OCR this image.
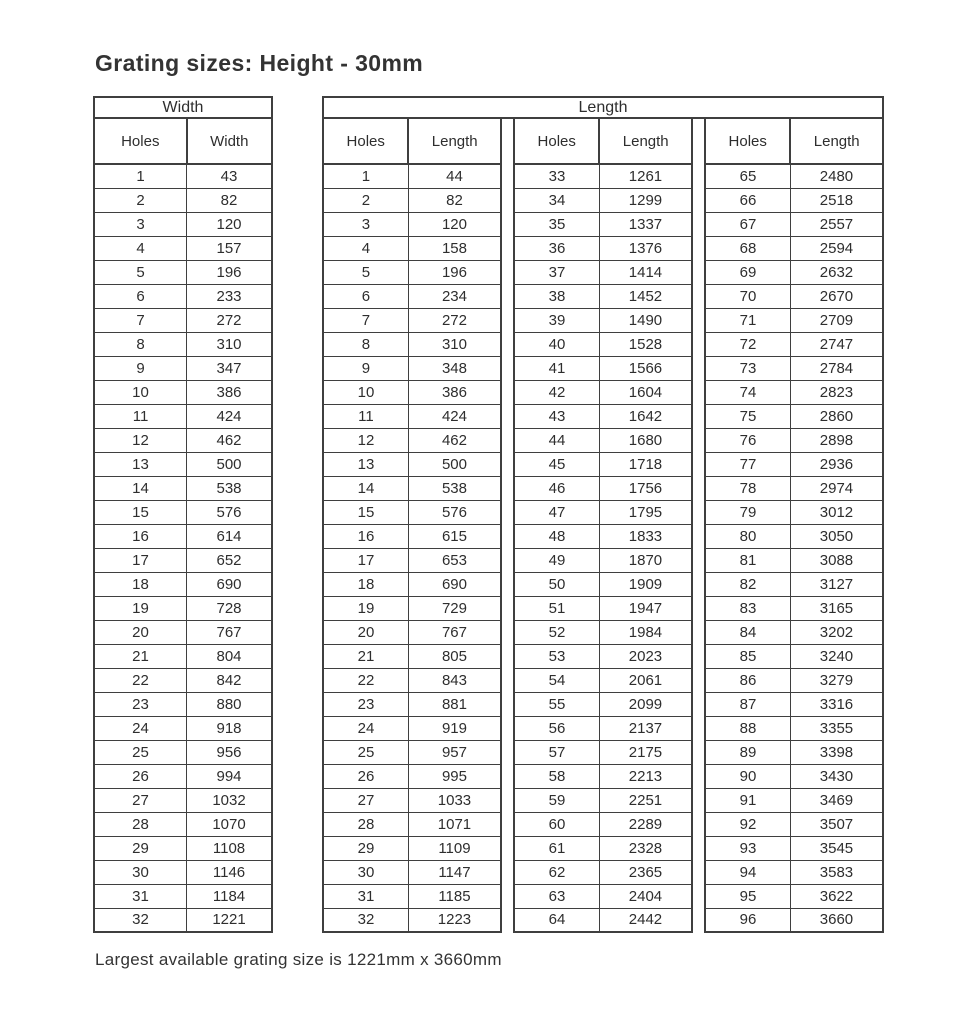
Grating sizes: Height - 30mm
Width
Holes	Width
1	43
2	82
3	120
4	157
5	196
6	233
7	272
8	310
9	347
10	386
11	424
12	462
13	500
14	538
15	576
16	614
17	652
18	690
19	728
20	767
21	804
22	842
23	880
24	918
25	956
26	994
27	1032
28	1070
29	1108
30	1146
31	1184
32	1221
Length
Holes	Length
1	44
2	82
3	120
4	158
5	196
6	234
7	272
8	310
9	348
10	386
11	424
12	462
13	500
14	538
15	576
16	615
17	653
18	690
19	729
20	767
21	805
22	843
23	881
24	919
25	957
26	995
27	1033
28	1071
29	1109
30	1147
31	1185
32	1223
Holes	Length
33	1261
34	1299
35	1337
36	1376
37	1414
38	1452
39	1490
40	1528
41	1566
42	1604
43	1642
44	1680
45	1718
46	1756
47	1795
48	1833
49	1870
50	1909
51	1947
52	1984
53	2023
54	2061
55	2099
56	2137
57	2175
58	2213
59	2251
60	2289
61	2328
62	2365
63	2404
64	2442
Holes	Length
65	2480
66	2518
67	2557
68	2594
69	2632
70	2670
71	2709
72	2747
73	2784
74	2823
75	2860
76	2898
77	2936
78	2974
79	3012
80	3050
81	3088
82	3127
83	3165
84	3202
85	3240
86	3279
87	3316
88	3355
89	3398
90	3430
91	3469
92	3507
93	3545
94	3583
95	3622
96	3660

Largest available grating size is 1221mm x 3660mm
